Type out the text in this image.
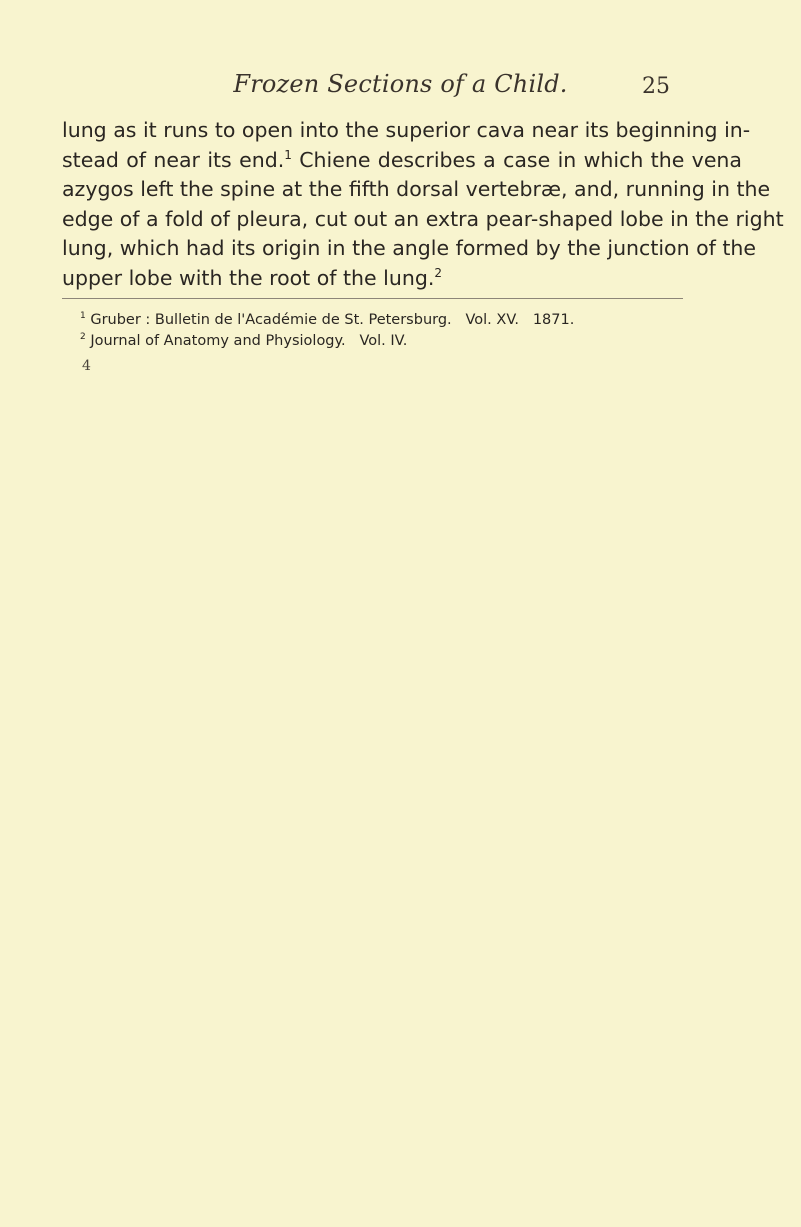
Frozen Sections of a Child.	25
lung as it runs to open into the superior cava near its beginning in-
stead of near its end.$^1$ Chiene describes a case in which the vena
azygos left the spine at the fifth dorsal vertebræ, and, running in the
edge of a fold of pleura, cut out an extra pear-shaped lobe in the right
lung, which had its origin in the angle formed by the junction of the
upper lobe with the root of the lung.$^2$
$^1$ Gruber : Bulletin de l'Académie de St. Petersburg.   Vol. XV.   1871.
$^2$ Journal of Anatomy and Physiology.   Vol. IV.
4
